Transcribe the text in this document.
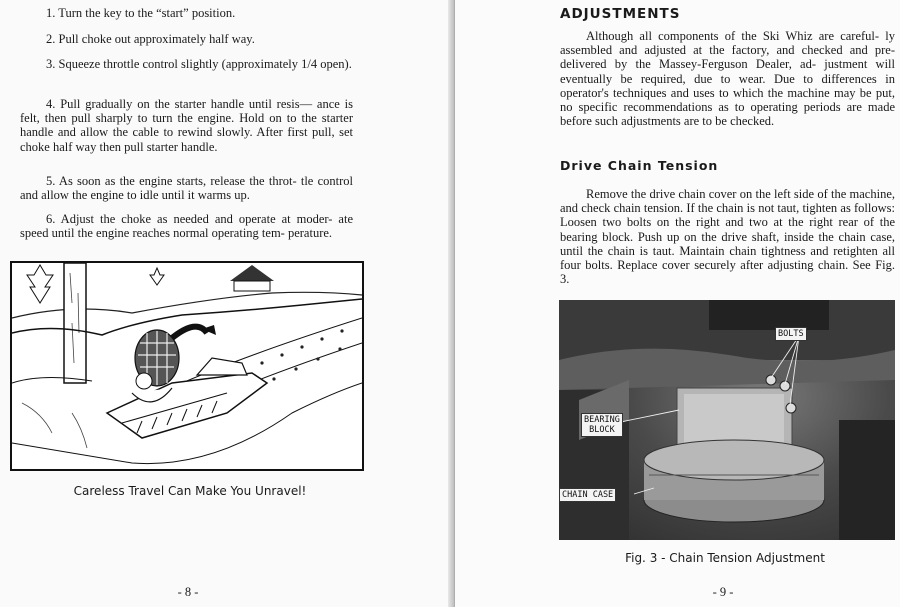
1. Turn the key to the “start” position.

2. Pull choke out approximately half way.

3. Squeeze throttle control slightly (approximately 1/4 open).

4. Pull gradually on the starter handle until resis— ance is felt, then pull sharply to turn the engine. Hold on to the starter handle and allow the cable to rewind slowly. After first pull, set choke half way then pull starter handle.

5. As soon as the engine starts, release the throt- tle control and allow the engine to idle until it warms up.

6. Adjust the choke as needed and operate at moder- ate speed until the engine reaches normal operating tem- perature.

Careless Travel Can Make You Unravel!

- 8 -

ADJUSTMENTS

Although all components of the Ski Whiz are careful- ly assembled and adjusted at the factory, and checked and pre-delivered by the Massey-Ferguson Dealer, ad- justment will eventually be required, due to wear. Due to differences in operator's techniques and uses to which the machine may be put, no specific recommendations as to operating periods are made before such adjustments are to be checked.

Drive Chain Tension

Remove the drive chain cover on the left side of the machine, and check chain tension. If the chain is not taut, tighten as follows: Loosen two bolts on the right and two at the right rear of the bearing block. Push up on the drive shaft, inside the chain case, until the chain is taut. Maintain chain tightness and retighten all four bolts. Replace cover securely after adjusting chain. See Fig. 3.

BOLTS
BEARING
BLOCK
CHAIN CASE

Fig. 3 - Chain Tension Adjustment

- 9 -
